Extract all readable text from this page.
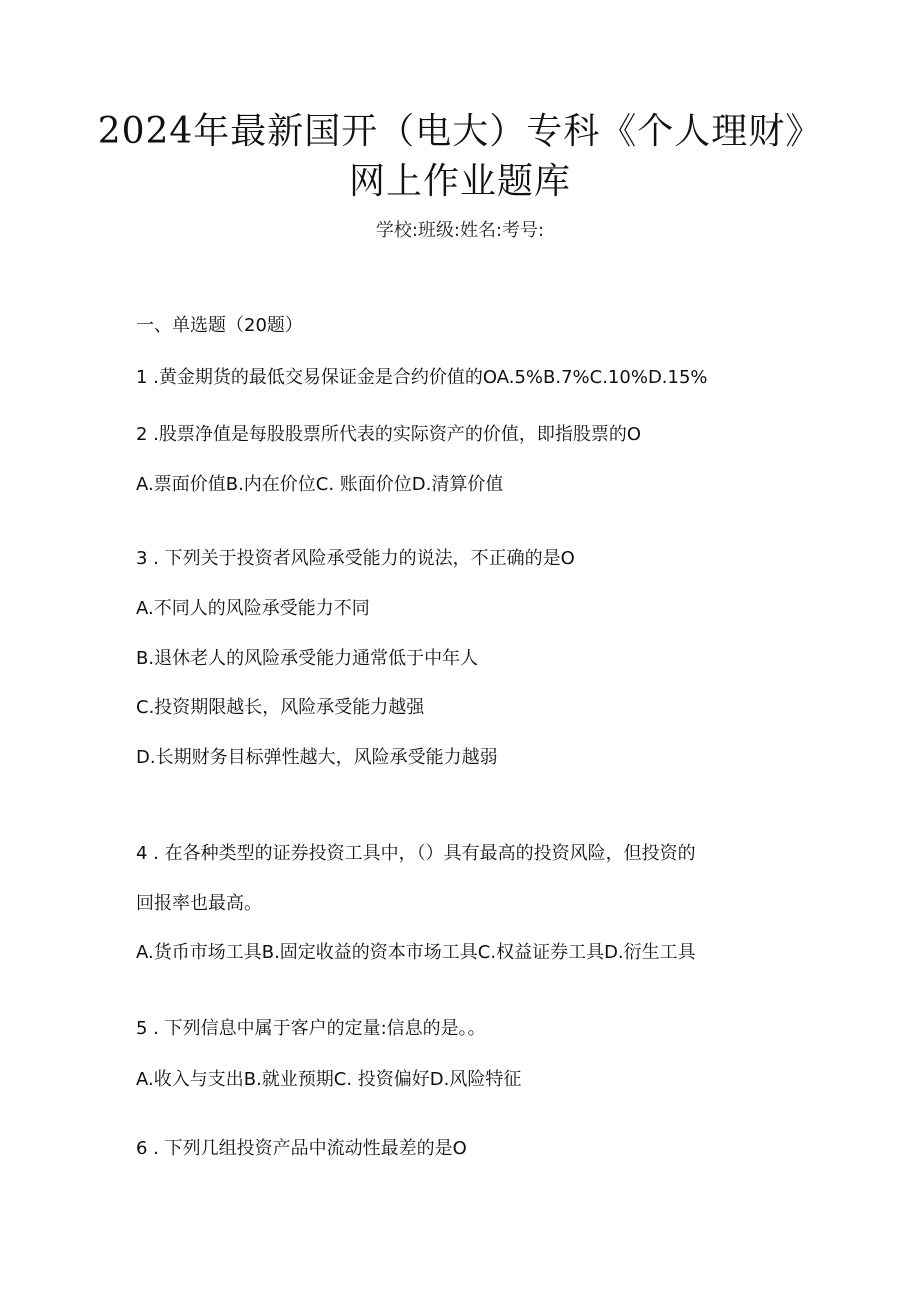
2024年最新国开（电大）专科《个人理财》
网上作业题库
学校:班级:姓名:考号:
一、单选题（20题）
1 .黄金期货的最低交易保证金是合约价值的OA.5%B.7%C.10%D.15%
2 .股票净值是每股股票所代表的实际资产的价值，即指股票的O
A.票面价值B.内在价位C. 账面价位D.清算价值
3 . 下列关于投资者风险承受能力的说法，不正确的是O
A.不同人的风险承受能力不同
B.退休老人的风险承受能力通常低于中年人
C.投资期限越长，风险承受能力越强
D.长期财务目标弹性越大，风险承受能力越弱
4 . 在各种类型的证券投资工具中，（）具有最高的投资风险，但投资的
回报率也最高。
A.货币市场工具B.固定收益的资本市场工具C.权益证券工具D.衍生工具
5 . 下列信息中属于客户的定量:信息的是。。
A.收入与支出B.就业预期C. 投资偏好D.风险特征
6 . 下列几组投资产品中流动性最差的是O
